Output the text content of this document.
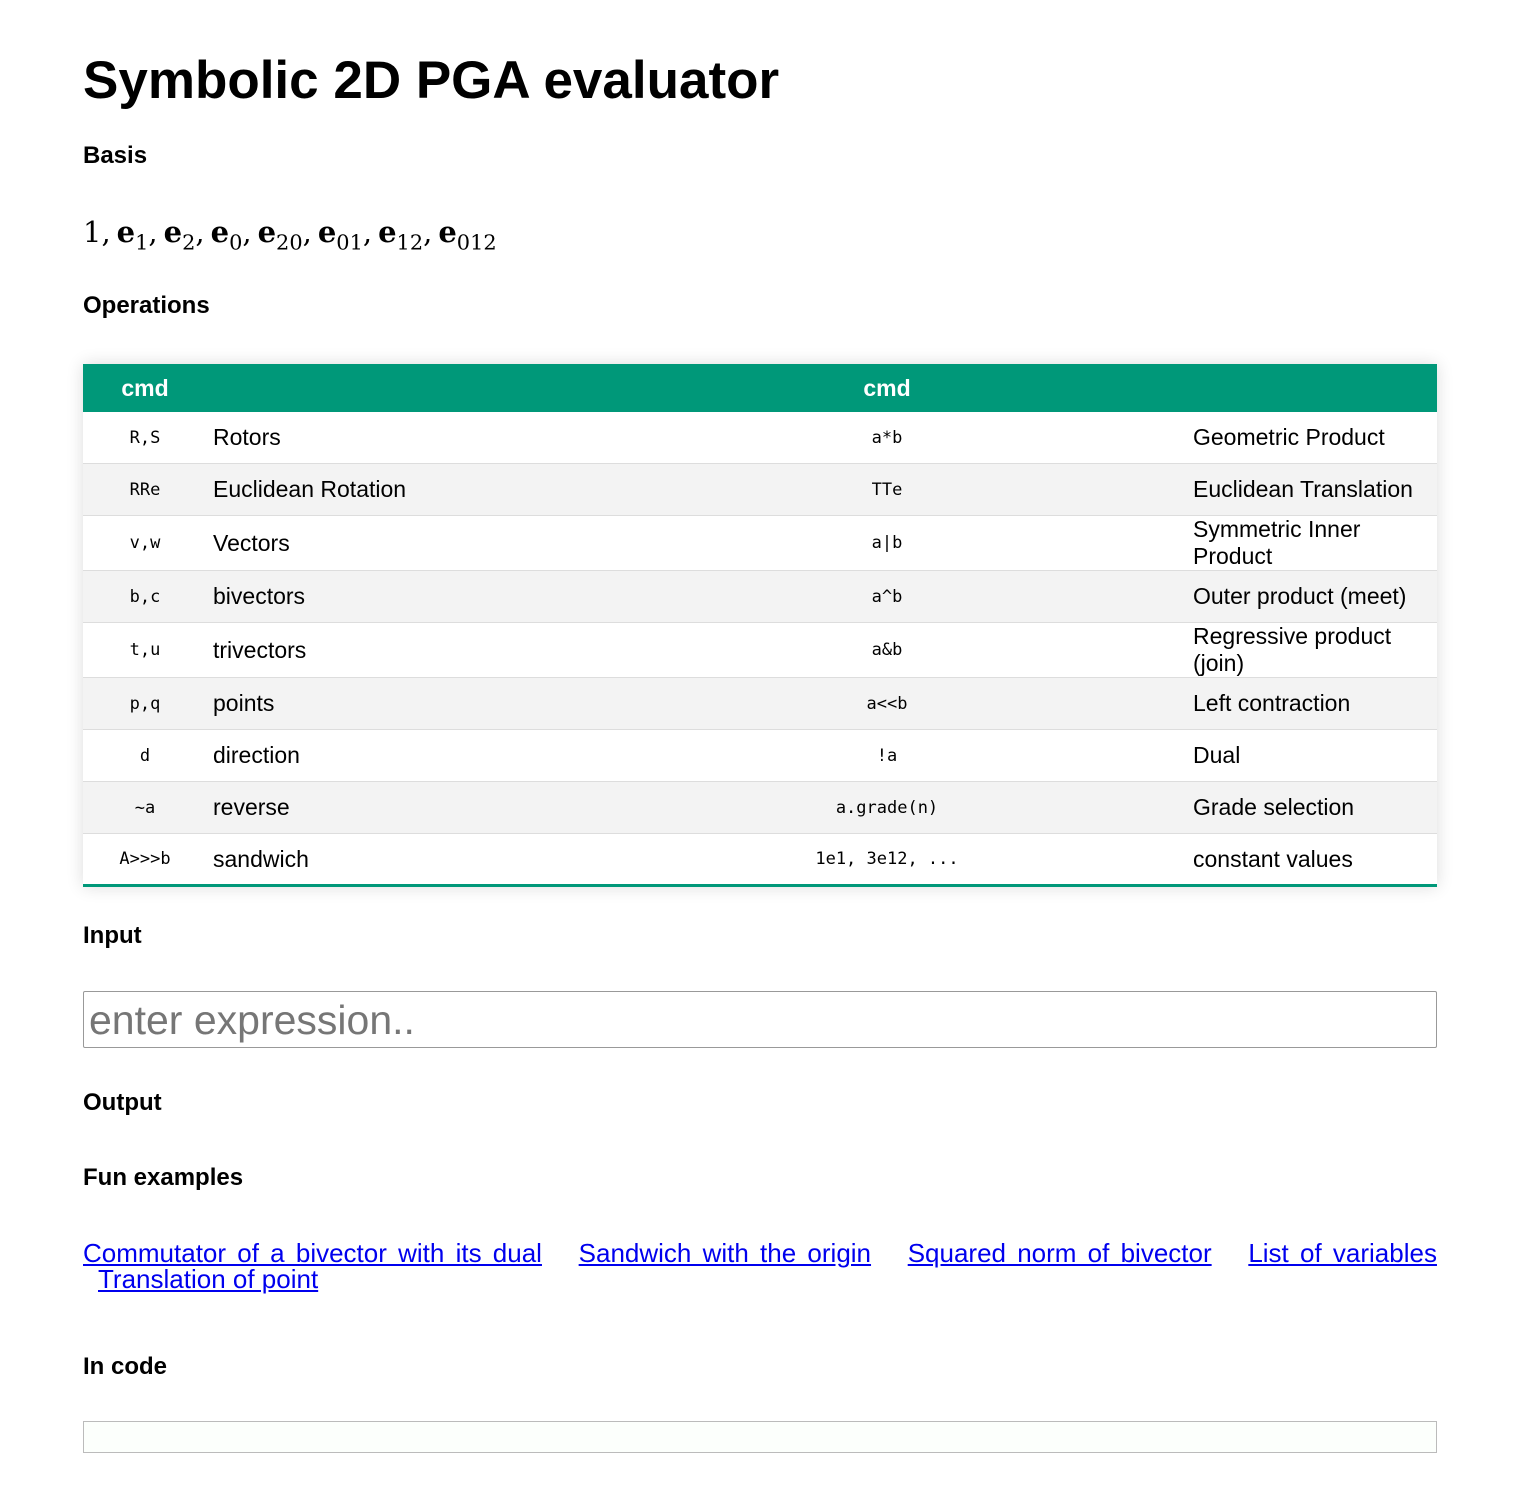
Symbolic 2D PGA evaluator
Basis
1, $e_1$, $e_2$, $e_0$, $e_{20}$, $e_{01}$, $e_{12}$, $e_{012}$
Operations
cmd		cmd	
R,S	Rotors	a*b	Geometric Product
RRe	Euclidean Rotation	TTe	Euclidean Translation
v,w	Vectors	a|b	Symmetric Inner Product
b,c	bivectors	a^b	Outer product (meet)
t,u	trivectors	a&b	Regressive product (join)
p,q	points	a<<b	Left contraction
d	direction	!a	Dual
~a	reverse	a.grade(n)	Grade selection
A>>>b	sandwich	1e1, 3e12, ...	constant values
Input
enter expression..
Output
Fun examples
Commutator of a bivector with its dual Sandwich with the origin Squared norm of bivector List of variables
Translation of point
In code
